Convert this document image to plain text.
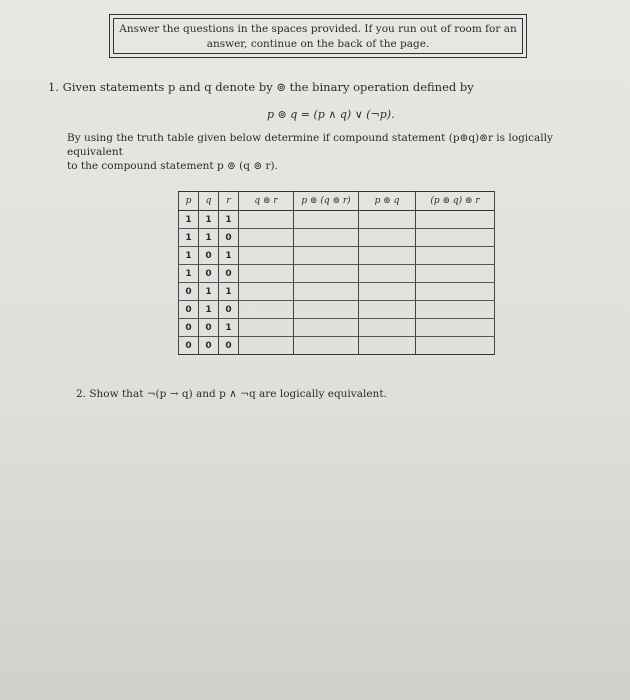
Answer the questions in the spaces provided. If you run out of room for an
answer, continue on the back of the page.
1. Given statements p and q denote by ⊚ the binary operation defined by
p ⊚ q = (p ∧ q) ∨ (¬p).
By using the truth table given below determine if compound statement (p⊚q)⊚r is logically equivalent
to the compound statement p ⊚ (q ⊚ r).
p	q	r	q ⊚ r	p ⊚ (q ⊚ r)	p ⊚ q	(p ⊚ q) ⊚ r
1	1	1				
1	1	0				
1	0	1				
1	0	0				
0	1	1				
0	1	0				
0	0	1				
0	0	0				
2. Show that ¬(p → q) and p ∧ ¬q are logically equivalent.
